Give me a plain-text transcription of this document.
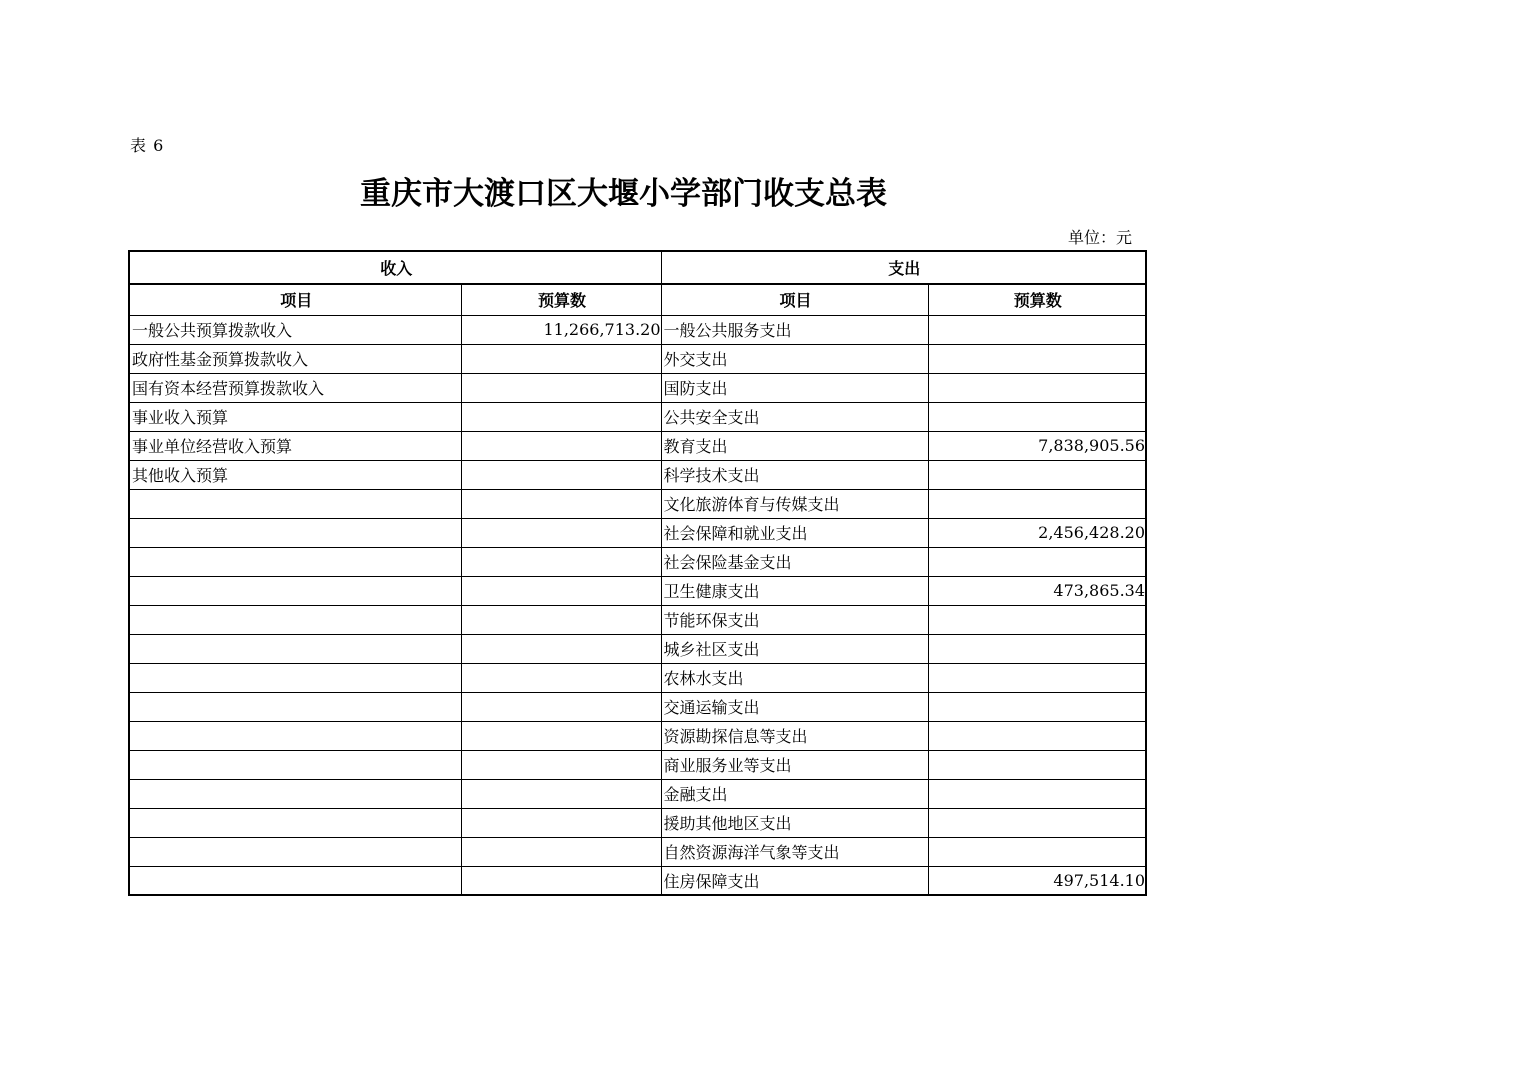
表 6
重庆市大渡口区大堰小学部门收支总表
单位：元
收入		支出	
项目	预算数	项目	预算数
一般公共预算拨款收入	11,266,713.20	一般公共服务支出	
政府性基金预算拨款收入		外交支出	
国有资本经营预算拨款收入		国防支出	
事业收入预算		公共安全支出	
事业单位经营收入预算		教育支出	7,838,905.56
其他收入预算		科学技术支出	
		文化旅游体育与传媒支出	
		社会保障和就业支出	2,456,428.20
		社会保险基金支出	
		卫生健康支出	473,865.34
		节能环保支出	
		城乡社区支出	
		农林水支出	
		交通运输支出	
		资源勘探信息等支出	
		商业服务业等支出	
		金融支出	
		援助其他地区支出	
		自然资源海洋气象等支出	
		住房保障支出	497,514.10
